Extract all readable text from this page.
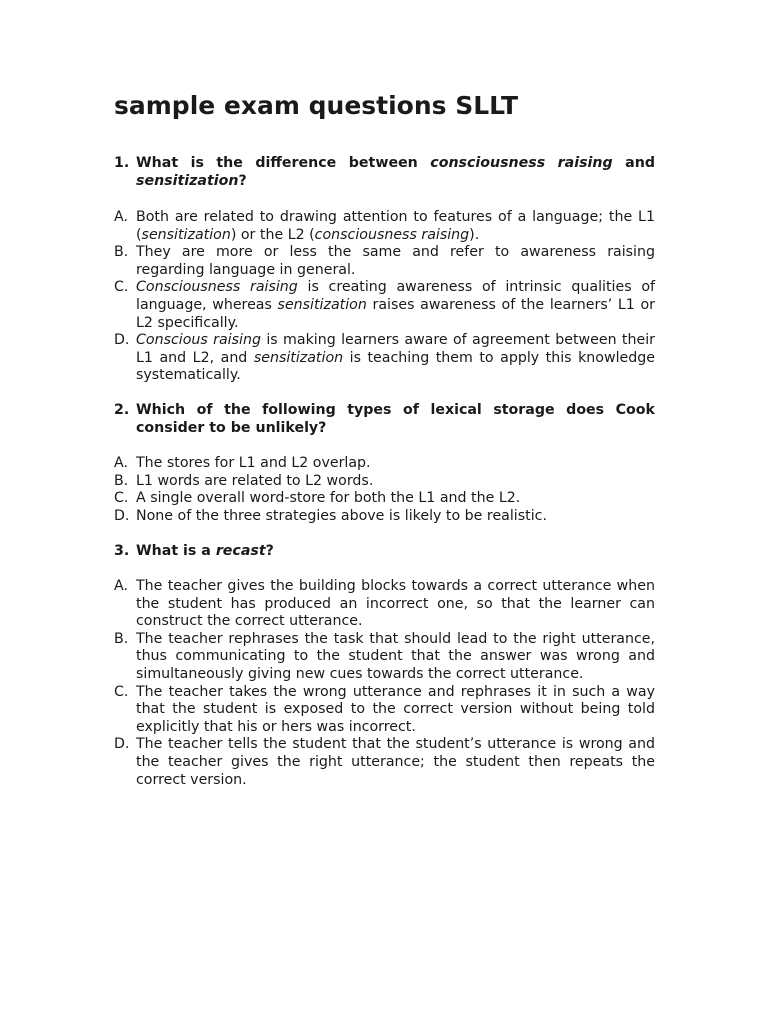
sample exam questions SLLT
1. What is the difference between consciousness raising and sensitization?
A. Both are related to drawing attention to features of a language; the L1 (sensitization) or the L2 (consciousness raising).
B. They are more or less the same and refer to awareness raising regarding language in general.
C. Consciousness raising is creating awareness of intrinsic qualities of language, whereas sensitization raises awareness of the learners’ L1 or L2 specifically.
D. Conscious raising is making learners aware of agreement between their L1 and L2, and sensitization is teaching them to apply this knowledge systematically.
2. Which of the following types of lexical storage does Cook consider to be unlikely?
A. The stores for L1 and L2 overlap.
B. L1 words are related to L2 words.
C. A single overall word-store for both the L1 and the L2.
D. None of the three strategies above is likely to be realistic.
3. What is a recast?
A. The teacher gives the building blocks towards a correct utterance when the student has produced an incorrect one, so that the learner can construct the correct utterance.
B. The teacher rephrases the task that should lead to the right utterance, thus communicating to the student that the answer was wrong and simultaneously giving new cues towards the correct utterance.
C. The teacher takes the wrong utterance and rephrases it in such a way that the student is exposed to the correct version without being told explicitly that his or hers was incorrect.
D. The teacher tells the student that the student’s utterance is wrong and the teacher gives the right utterance; the student then repeats the correct version.
